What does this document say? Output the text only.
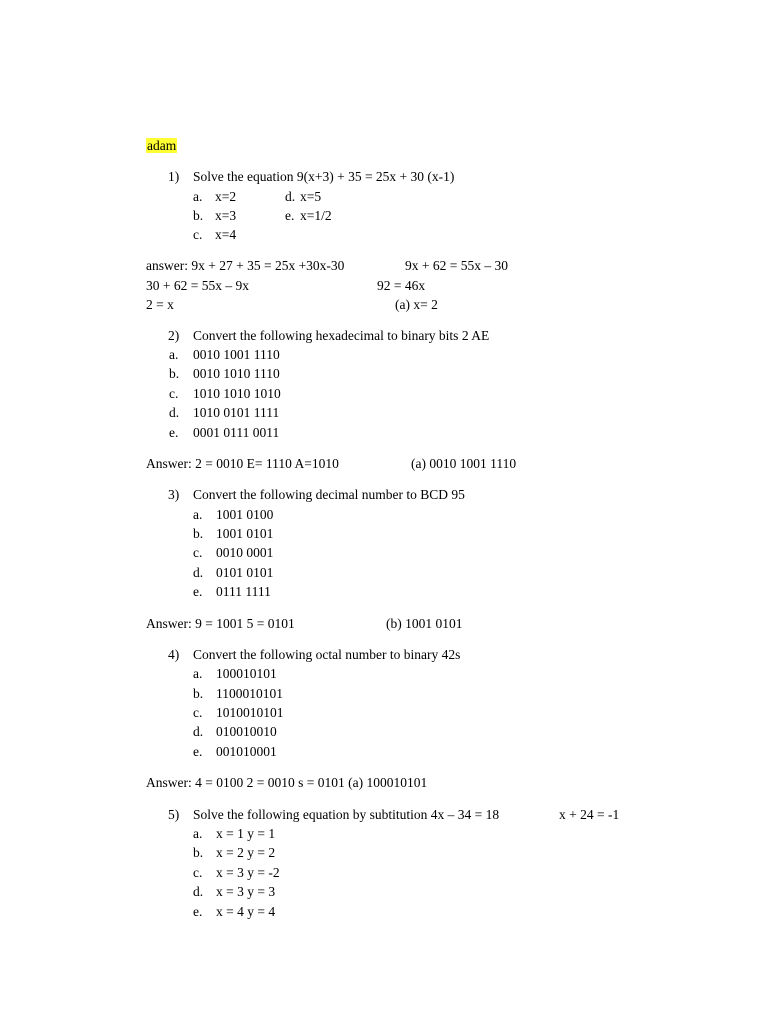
adam
1) Solve the equation 9(x+3) + 35 = 25x + 30 (x-1)
a. x=2
b. x=3
c. x=4
d. x=5
e. x=1/2
answer: 9x + 27 + 35 = 25x +30x-30	9x + 62 = 55x – 30
30 + 62 = 55x – 9x	92 = 46x
2 = x	(a) x= 2
2) Convert the following hexadecimal to binary bits 2 AE
a. 0010 1001 1110
b. 0010 1010 1110
c. 1010 1010 1010
d. 1010 0101 1111
e. 0001 0111 0011
Answer: 2 = 0010 E= 1110 A=1010	(a) 0010 1001 1110
3) Convert the following decimal number to BCD 95
a. 1001 0100
b. 1001 0101
c. 0010 0001
d. 0101 0101
e. 0111 1111
Answer: 9 = 1001 5 = 0101	(b) 1001 0101
4) Convert the following octal number to binary 42s
a. 100010101
b. 1100010101
c. 1010010101
d. 010010010
e. 001010001
Answer: 4 = 0100 2 = 0010 s = 0101 (a) 100010101
5) Solve the following equation by subtitution 4x – 34 = 18	x + 24 = -1
a. x = 1 y = 1
b. x = 2 y = 2
c. x = 3 y = -2
d. x = 3 y = 3
e. x = 4 y = 4
